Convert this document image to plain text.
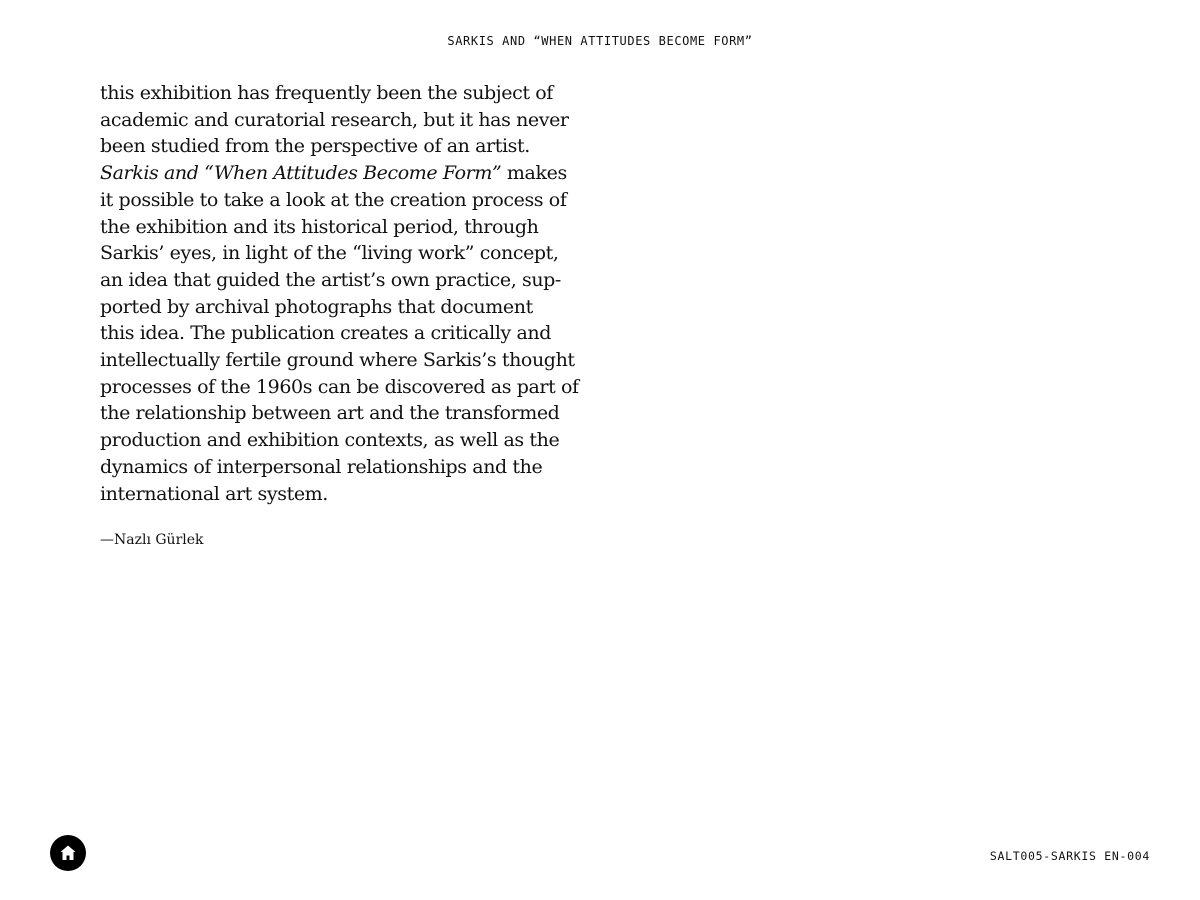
SARKIS AND “WHEN ATTITUDES BECOME FORM”

this exhibition has frequently been the subject of
academic and curatorial research, but it has never
been studied from the perspective of an artist.
Sarkis and “When Attitudes Become Form” makes
it possible to take a look at the creation process of
the exhibition and its historical period, through
Sarkis’ eyes, in light of the “living work” concept,
an idea that guided the artist’s own practice, sup-
ported by archival photographs that document
this idea. The publication creates a critically and
intellectually fertile ground where Sarkis’s thought
processes of the 1960s can be discovered as part of
the relationship between art and the transformed
production and exhibition contexts, as well as the
dynamics of interpersonal relationships and the
international art system.

—Nazlı Gürlek

SALT005-SARKIS EN-004
